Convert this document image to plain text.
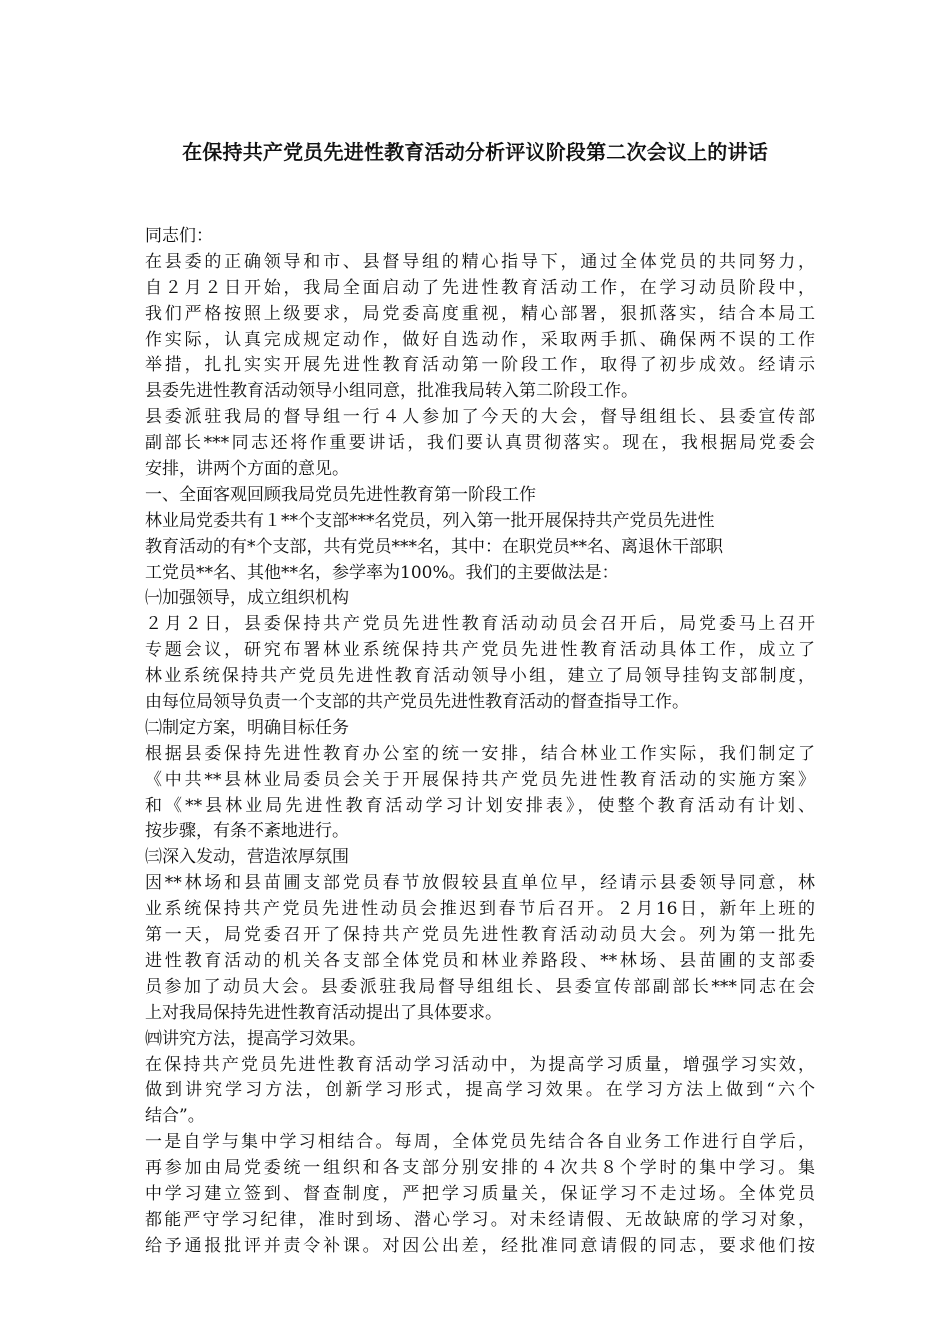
在保持共产党员先进性教育活动分析评议阶段第二次会议上的讲话
同志们：
在县委的正确领导和市、县督导组的精心指导下，通过全体党员的共同努力，
自２月２日开始，我局全面启动了先进性教育活动工作，在学习动员阶段中，
我们严格按照上级要求，局党委高度重视，精心部署，狠抓落实，结合本局工
作实际，认真完成规定动作，做好自选动作，采取两手抓、确保两不误的工作
举措，扎扎实实开展先进性教育活动第一阶段工作，取得了初步成效。经请示
县委先进性教育活动领导小组同意，批准我局转入第二阶段工作。
县委派驻我局的督导组一行４人参加了今天的大会，督导组组长、县委宣传部
副部长***同志还将作重要讲话，我们要认真贯彻落实。现在，我根据局党委会
安排，讲两个方面的意见。
一、全面客观回顾我局党员先进性教育第一阶段工作
林业局党委共有１**个支部***名党员，列入第一批开展保持共产党员先进性
教育活动的有*个支部，共有党员***名，其中：在职党员**名、离退休干部职
工党员**名、其他**名，参学率为100%。我们的主要做法是：
㈠加强领导，成立组织机构
２月２日，县委保持共产党员先进性教育活动动员会召开后，局党委马上召开
专题会议，研究布署林业系统保持共产党员先进性教育活动具体工作，成立了
林业系统保持共产党员先进性教育活动领导小组，建立了局领导挂钩支部制度，
由每位局领导负责一个支部的共产党员先进性教育活动的督查指导工作。
㈡制定方案，明确目标任务
根据县委保持先进性教育办公室的统一安排，结合林业工作实际，我们制定了
《中共**县林业局委员会关于开展保持共产党员先进性教育活动的实施方案》
和《**县林业局先进性教育活动学习计划安排表》，使整个教育活动有计划、
按步骤，有条不紊地进行。
㈢深入发动，营造浓厚氛围
因**林场和县苗圃支部党员春节放假较县直单位早，经请示县委领导同意，林
业系统保持共产党员先进性动员会推迟到春节后召开。２月16日，新年上班的
第一天，局党委召开了保持共产党员先进性教育活动动员大会。列为第一批先
进性教育活动的机关各支部全体党员和林业养路段、**林场、县苗圃的支部委
员参加了动员大会。县委派驻我局督导组组长、县委宣传部副部长***同志在会
上对我局保持先进性教育活动提出了具体要求。
㈣讲究方法，提高学习效果。
在保持共产党员先进性教育活动学习活动中，为提高学习质量，增强学习实效，
做到讲究学习方法，创新学习形式，提高学习效果。在学习方法上做到“六个
结合”。
一是自学与集中学习相结合。每周，全体党员先结合各自业务工作进行自学后，
再参加由局党委统一组织和各支部分别安排的４次共８个学时的集中学习。集
中学习建立签到、督查制度，严把学习质量关，保证学习不走过场。全体党员
都能严守学习纪律，准时到场、潜心学习。对未经请假、无故缺席的学习对象，
给予通报批评并责令补课。对因公出差，经批准同意请假的同志，要求他们按
